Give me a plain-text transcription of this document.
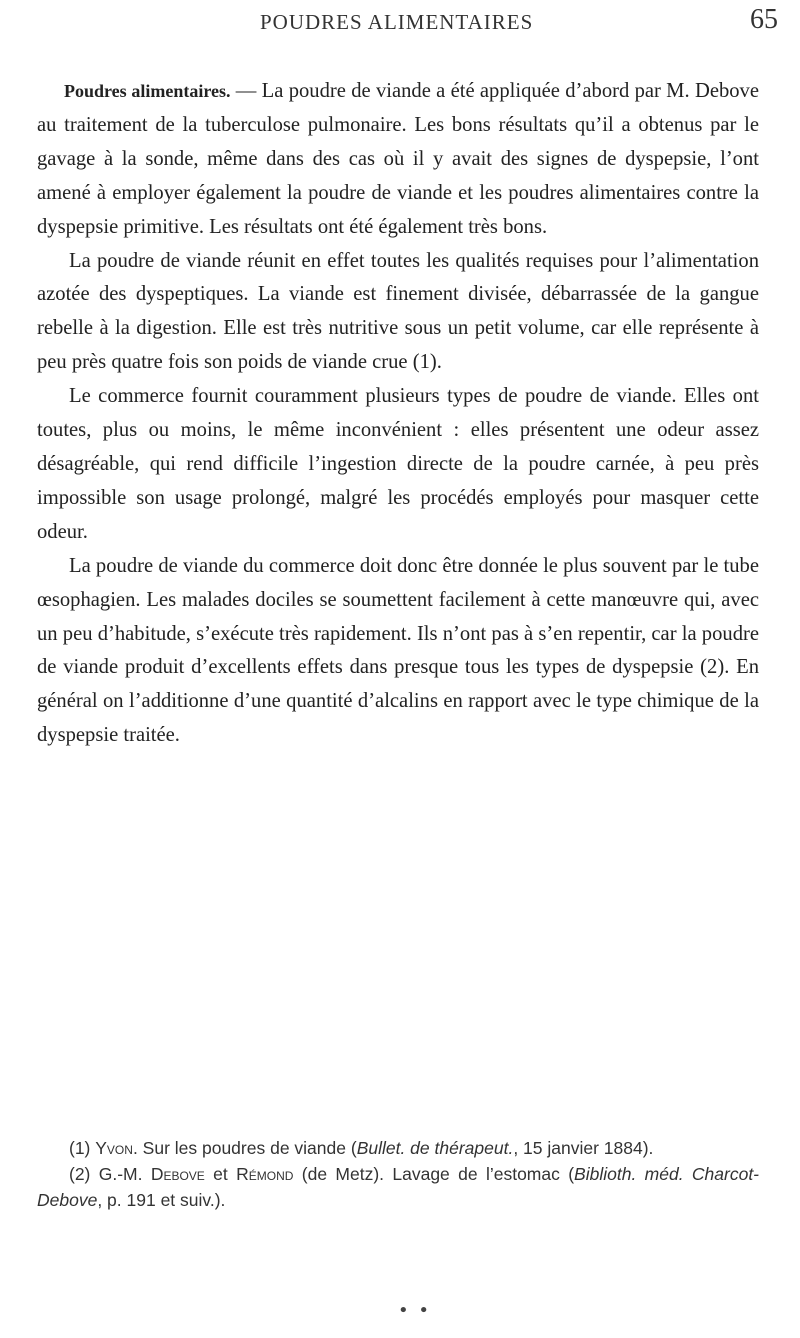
POUDRES ALIMENTAIRES	65

Poudres alimentaires. — La poudre de viande a été appliquée d’abord par M. Debove au traitement de la tuberculose pulmonaire. Les bons résultats qu’il a obtenus par le gavage à la sonde, même dans des cas où il y avait des signes de dyspepsie, l’ont amené à employer également la poudre de viande et les poudres alimentaires contre la dyspepsie primitive. Les résultats ont été également très bons.

La poudre de viande réunit en effet toutes les qualités requises pour l’alimentation azotée des dyspeptiques. La viande est finement divisée, débarrassée de la gangue rebelle à la digestion. Elle est très nutritive sous un petit volume, car elle représente à peu près quatre fois son poids de viande crue (1).

Le commerce fournit couramment plusieurs types de poudre de viande. Elles ont toutes, plus ou moins, le même inconvénient : elles présentent une odeur assez désagréable, qui rend difficile l’ingestion directe de la poudre carnée, à peu près impossible son usage prolongé, malgré les procédés employés pour masquer cette odeur.

La poudre de viande du commerce doit donc être donnée le plus souvent par le tube œsophagien. Les malades dociles se soumettent facilement à cette manœuvre qui, avec un peu d’habitude, s’exécute très rapidement. Ils n’ont pas à s’en repentir, car la poudre de viande produit d’excellents effets dans presque tous les types de dyspepsie (2). En général on l’additionne d’une quantité d’alcalins en rapport avec le type chimique de la dyspepsie traitée.

(1) Yvon. Sur les poudres de viande (Bullet. de thérapeut., 15 janvier 1884).

(2) G.-M. Debove et Rémond (de Metz). Lavage de l’estomac (Biblioth. méd. Charcot-Debove, p. 191 et suiv.).

• •
